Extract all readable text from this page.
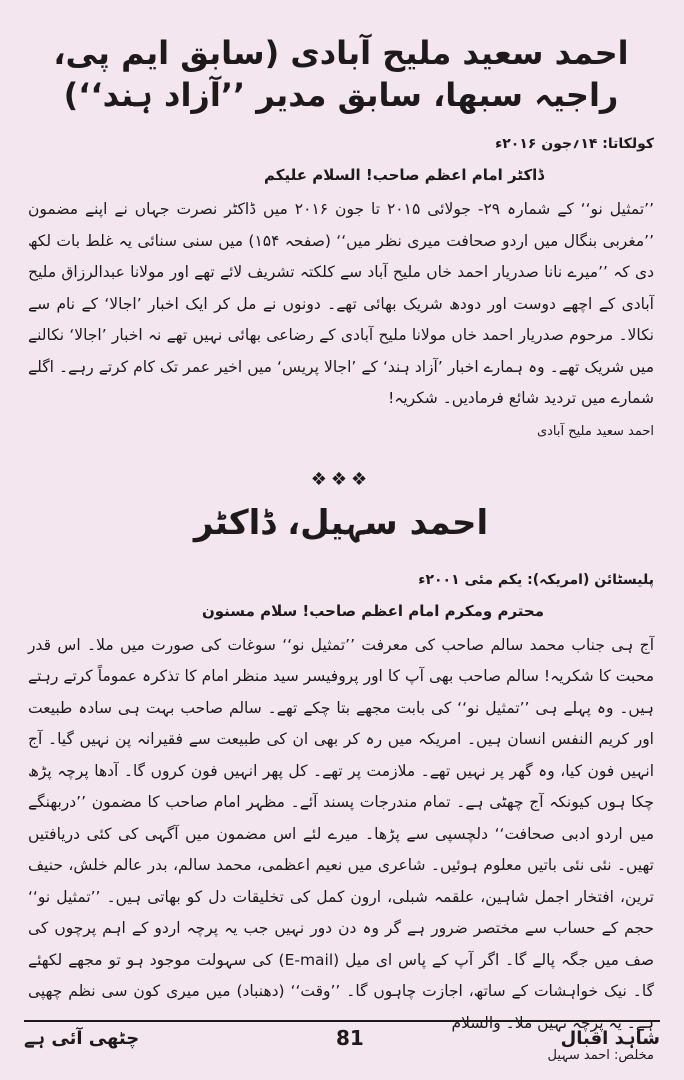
احمد سعید ملیح آبادی (سابق ایم پی، راجیہ سبھا، سابق مدیر ’’آزاد ہند‘‘)
کولکاتا: ۱۴؍جون ۲۰۱۶ء
ڈاکٹر امام اعظم صاحب! السلام علیکم

’’تمثیل نو‘‘ کے شمارہ ۲۹- جولائی ۲۰۱۵ تا جون ۲۰۱۶ میں ڈاکٹر نصرت جہاں نے اپنے مضمون ’’مغربی بنگال میں اردو صحافت میری نظر میں‘‘ (صفحہ ۱۵۴) میں سنی سنائی یہ غلط بات لکھ دی کہ ’’میرے نانا صدریار احمد خاں ملیح آباد سے کلکتہ تشریف لائے تھے اور مولانا عبدالرزاق ملیح آبادی کے اچھے دوست اور دودھ شریک بھائی تھے۔ دونوں نے مل کر ایک اخبار ’اجالا‘ کے نام سے نکالا۔ مرحوم صدریار احمد خاں مولانا ملیح آبادی کے رضاعی بھائی نہیں تھے نہ اخبار ’اجالا‘ نکالنے میں شریک تھے۔ وہ ہمارے اخبار ’آزاد ہند‘ کے ’اجالا پریس‘ میں اخیر عمر تک کام کرتے رہے۔ اگلے شمارے میں تردید شائع فرمادیں۔ شکریہ!

احمد سعید ملیح آبادی
❖❖❖
احمد سہیل، ڈاکٹر
پلیسٹائن (امریکہ): یکم مئی ۲۰۰۱ء
محترم ومکرم امام اعظم صاحب! سلام مسنون

آج ہی جناب محمد سالم صاحب کی معرفت ’’تمثیل نو‘‘ سوغات کی صورت میں ملا۔ اس قدر محبت کا شکریہ! سالم صاحب بھی آپ کا اور پروفیسر سید منظر امام کا تذکرہ عموماً کرتے رہتے ہیں۔ وہ پہلے ہی ’’تمثیل نو‘‘ کی بابت مجھے بتا چکے تھے۔ سالم صاحب بہت ہی سادہ طبیعت اور کریم النفس انسان ہیں۔ امریکہ میں رہ کر بھی ان کی طبیعت سے فقیرانہ پن نہیں گیا۔ آج انہیں فون کیا، وہ گھر پر نہیں تھے۔ ملازمت پر تھے۔ کل پھر انہیں فون کروں گا۔ آدھا پرچہ پڑھ چکا ہوں کیونکہ آج چھٹی ہے۔ تمام مندرجات پسند آئے۔ مظہر امام صاحب کا مضمون ’’دربھنگے میں اردو ادبی صحافت‘‘ دلچسپی سے پڑھا۔ میرے لئے اس مضمون میں آگہی کی کئی دریافتیں تھیں۔ نئی نئی باتیں معلوم ہوئیں۔ شاعری میں نعیم اعظمی، محمد سالم، بدر عالم خلش، حنیف ترین، افتخار اجمل شاہین، علقمہ شبلی، ارون کمل کی تخلیقات دل کو بھاتی ہیں۔ ’’تمثیل نو‘‘ حجم کے حساب سے مختصر ضرور ہے گر وہ دن دور نہیں جب یہ پرچہ اردو کے اہم پرچوں کی صف میں جگہ پالے گا۔ اگر آپ کے پاس ای میل (E-mail) کی سہولت موجود ہو تو مجھے لکھئے گا۔ نیک خواہشات کے ساتھ، اجازت چاہوں گا۔ ’’وقت‘‘ (دھنباد) میں میری کون سی نظم چھپی ہے۔ یہ پرچہ نہیں ملا۔ والسلام

مخلص: احمد سہیل
چٹھی آئی ہے	81	شاہد اقبال
